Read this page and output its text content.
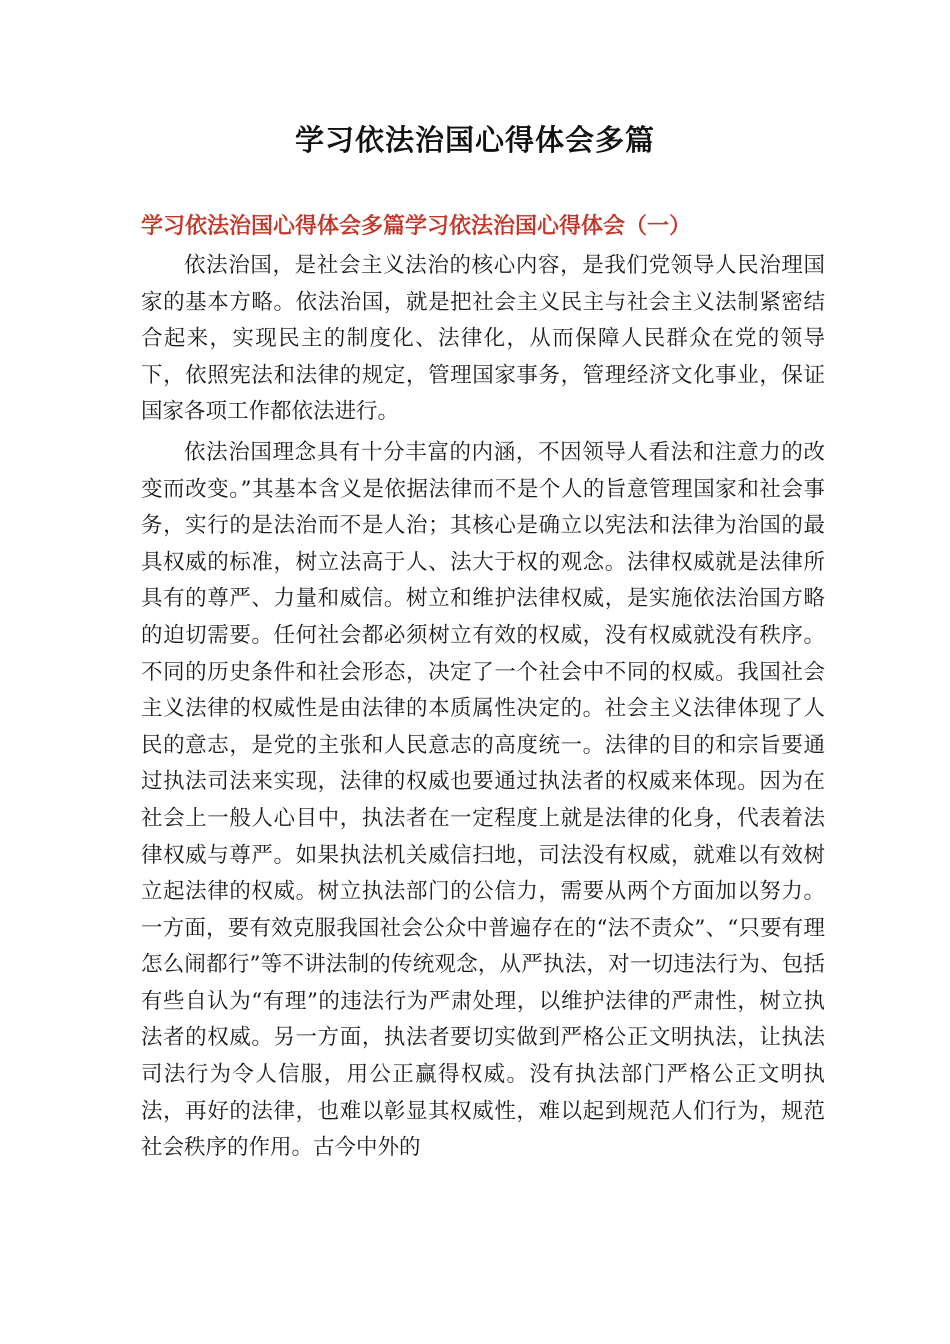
学习依法治国心得体会多篇
学习依法治国心得体会多篇学习依法治国心得体会（一）

依法治国，是社会主义法治的核心内容，是我们党领导人民治理国家的基本方略。依法治国，就是把社会主义民主与社会主义法制紧密结合起来，实现民主的制度化、法律化，从而保障人民群众在党的领导下，依照宪法和法律的规定，管理国家事务，管理经济文化事业，保证国家各项工作都依法进行。

依法治国理念具有十分丰富的内涵，不因领导人看法和注意力的改变而改变。”其基本含义是依据法律而不是个人的旨意管理国家和社会事务，实行的是法治而不是人治；其核心是确立以宪法和法律为治国的最具权威的标准，树立法高于人、法大于权的观念。法律权威就是法律所具有的尊严、力量和威信。树立和维护法律权威，是实施依法治国方略的迫切需要。任何社会都必须树立有效的权威，没有权威就没有秩序。不同的历史条件和社会形态，决定了一个社会中不同的权威。我国社会主义法律的权威性是由法律的本质属性决定的。社会主义法律体现了人民的意志，是党的主张和人民意志的高度统一。法律的目的和宗旨要通过执法司法来实现，法律的权威也要通过执法者的权威来体现。因为在社会上一般人心目中，执法者在一定程度上就是法律的化身，代表着法律权威与尊严。如果执法机关威信扫地，司法没有权威，就难以有效树立起法律的权威。树立执法部门的公信力，需要从两个方面加以努力。一方面，要有效克服我国社会公众中普遍存在的“法不责众”、“只要有理怎么闹都行”等不讲法制的传统观念，从严执法，对一切违法行为、包括有些自认为“有理”的违法行为严肃处理，以维护法律的严肃性，树立执法者的权威。另一方面，执法者要切实做到严格公正文明执法，让执法司法行为令人信服，用公正赢得权威。没有执法部门严格公正文明执法，再好的法律，也难以彰显其权威性，难以起到规范人们行为，规范社会秩序的作用。古今中外的
